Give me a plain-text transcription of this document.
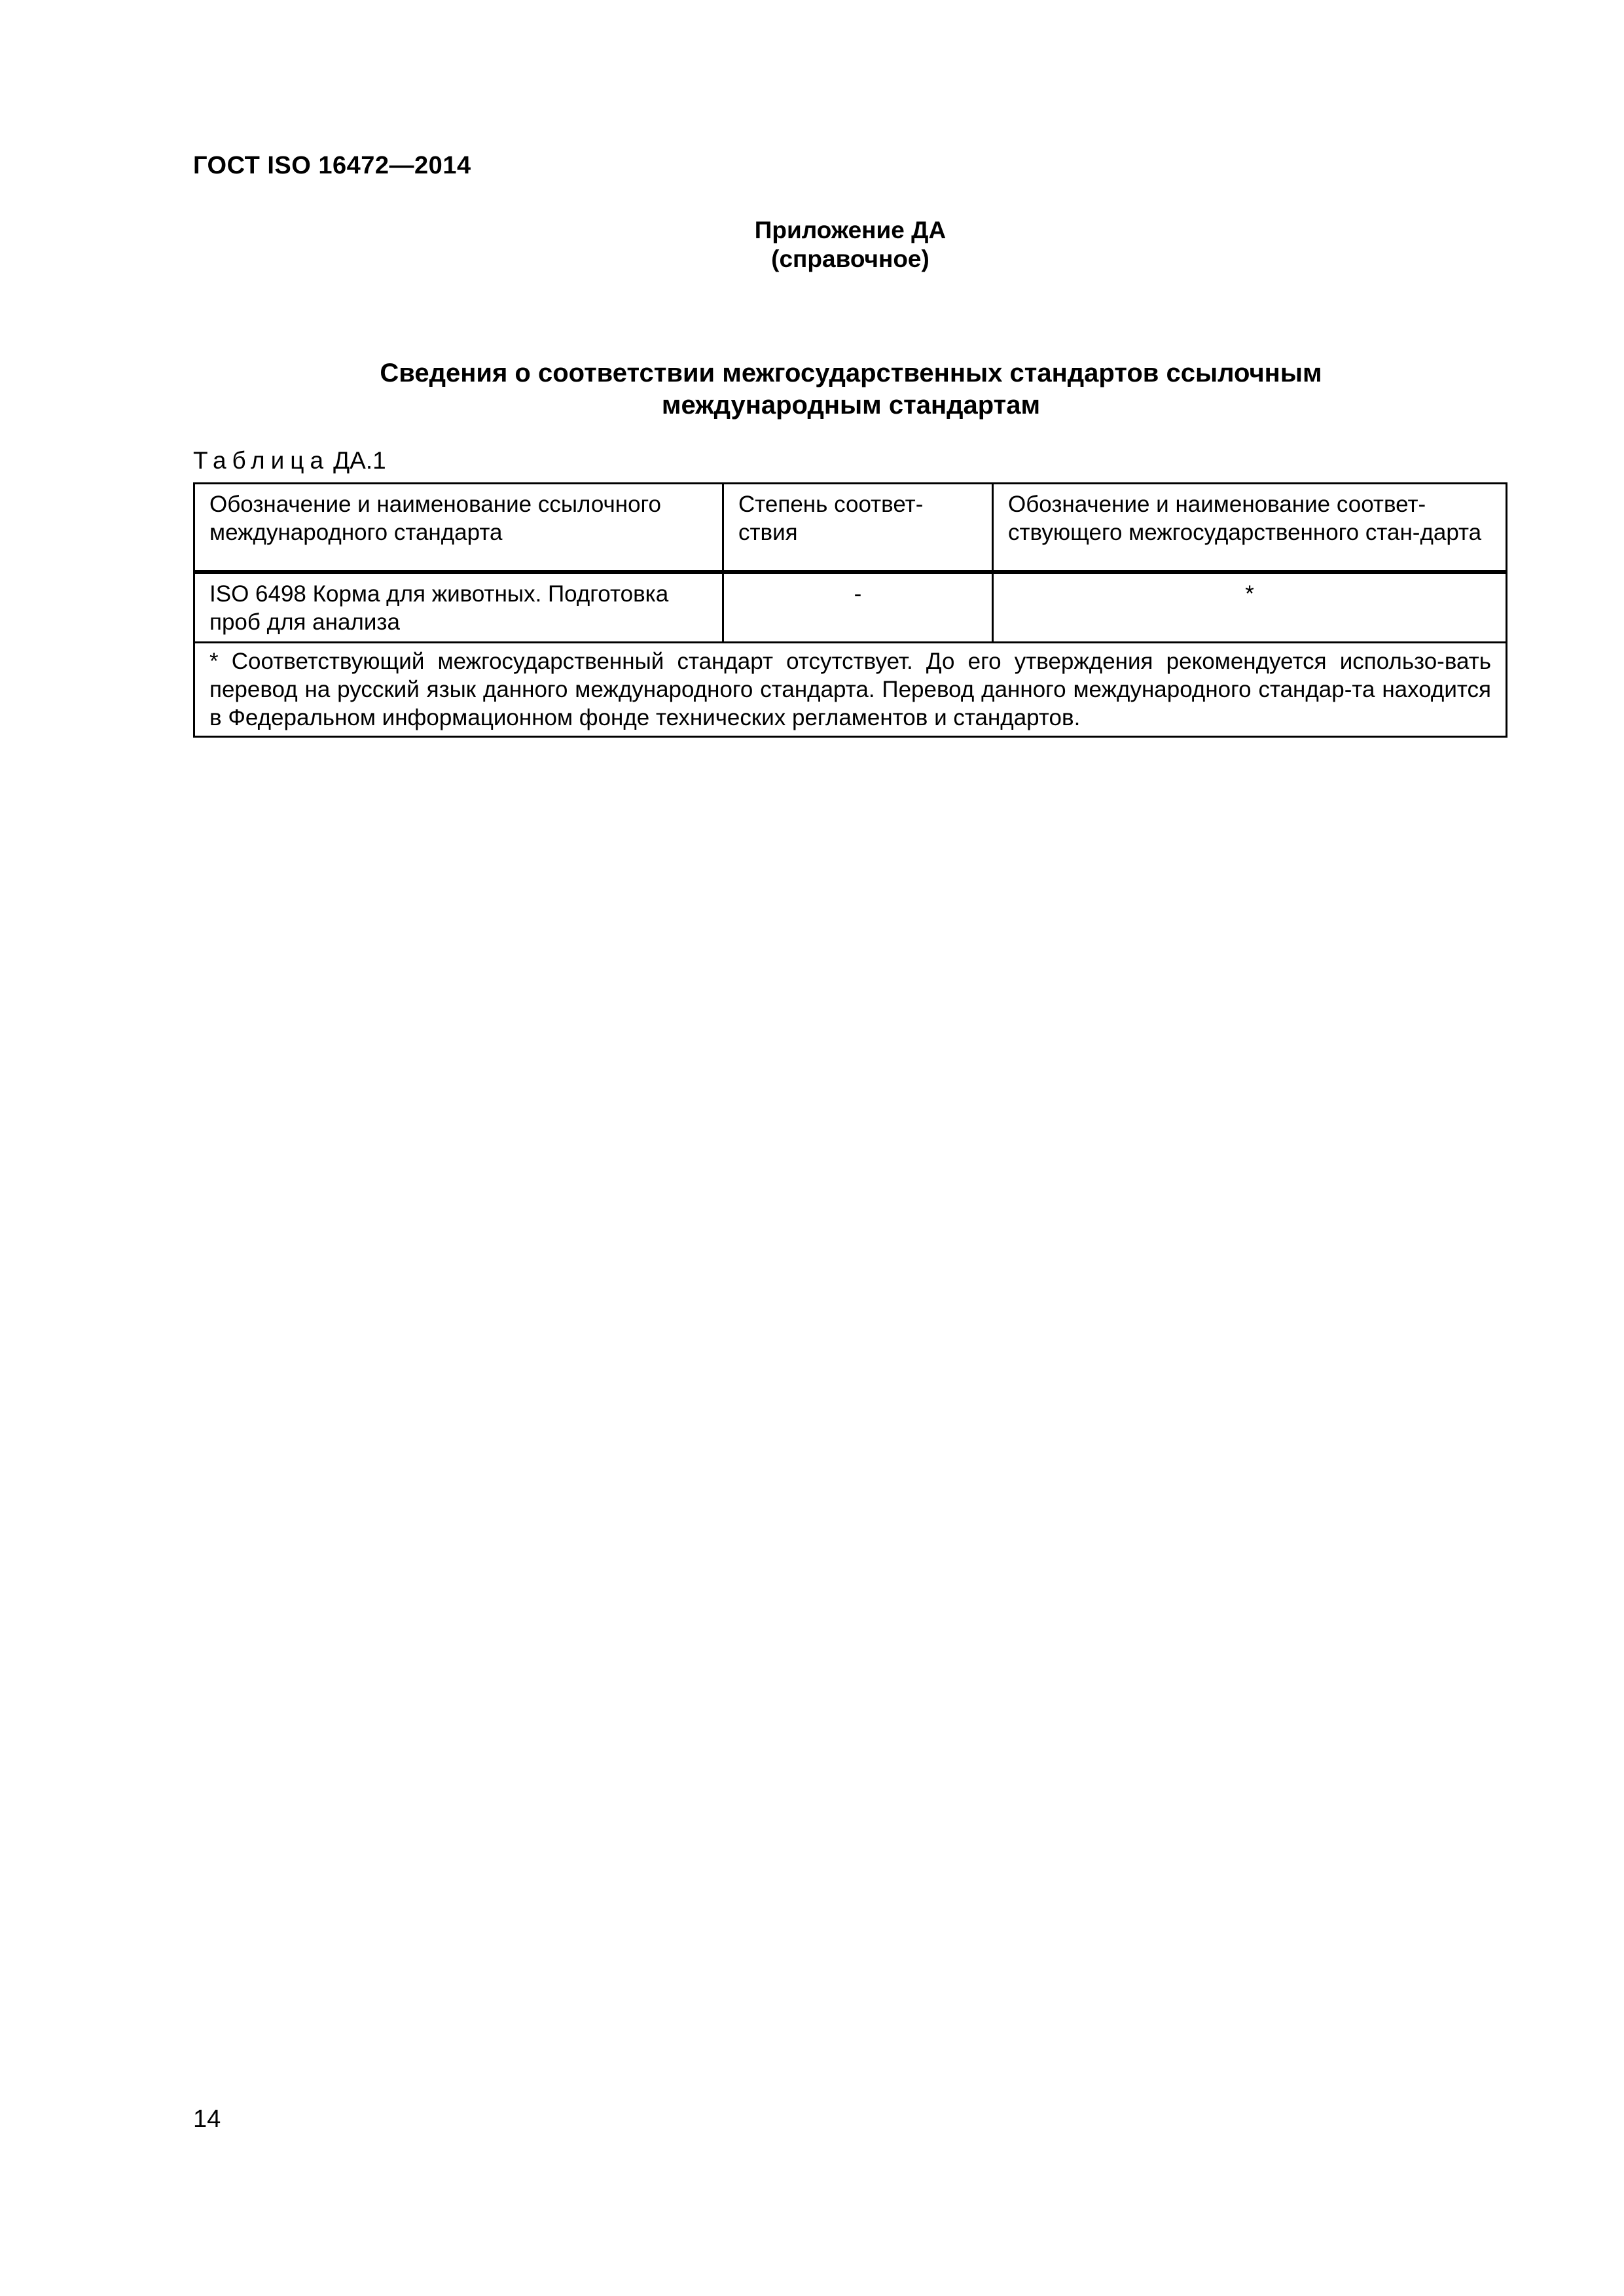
ГОСТ ISO 16472—2014
Приложение ДА
(справочное)
Сведения о соответствии межгосударственных стандартов ссылочным
международным стандартам
Таблица ДА.1
Обозначение и наименование ссылочного международного стандарта	Степень соответ-ствия	Обозначение и наименование соответ-ствующего межгосударственного стан-дарта
ISO 6498 Корма для животных. Подготовка проб для анализа	-	*
* Соответствующий межгосударственный стандарт отсутствует. До его утверждения рекомендуется использо-вать перевод на русский язык данного международного стандарта. Перевод данного международного стандар-та находится в Федеральном информационном фонде технических регламентов и стандартов.		
14
